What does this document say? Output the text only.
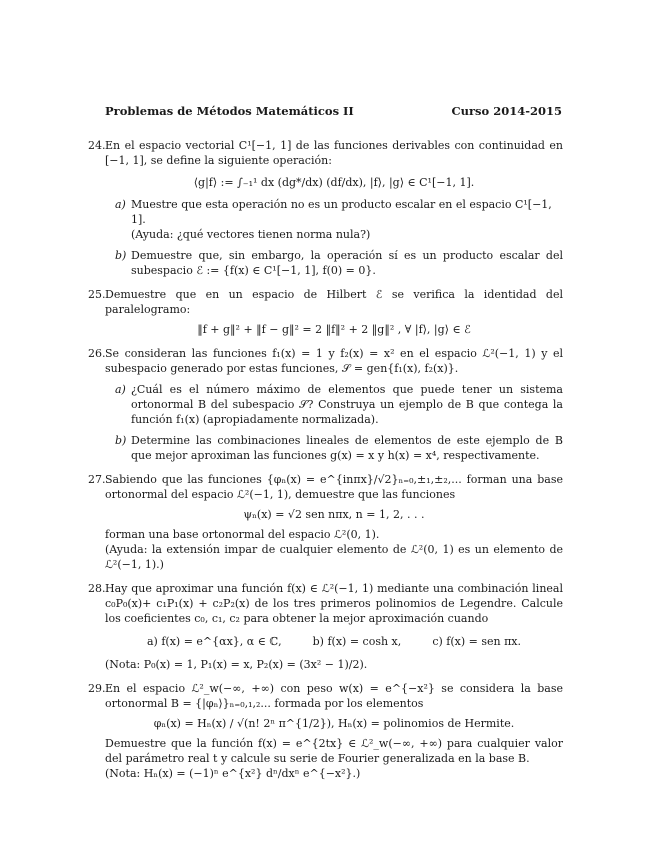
Problemas de Métodos Matemáticos II	Curso 2014-2015
24. En el espacio vectorial C¹[−1, 1] de las funciones derivables con continuidad en [−1, 1], se define la siguiente operación:
⟨g|f⟩ := ∫₋₁¹ dx (dg*/dx) (df/dx), |f⟩, |g⟩ ∈ C¹[−1, 1].
a) Muestre que esta operación no es un producto escalar en el espacio C¹[−1, 1].
(Ayuda: ¿qué vectores tienen norma nula?)
b) Demuestre que, sin embargo, la operación sí es un producto escalar del subespacio ℰ := {f(x) ∈ C¹[−1, 1], f(0) = 0}.
25. Demuestre que en un espacio de Hilbert ℰ se verifica la identidad del paralelogramo:
‖f + g‖² + ‖f − g‖² = 2 ‖f‖² + 2 ‖g‖² , ∀ |f⟩, |g⟩ ∈ ℰ
26. Se consideran las funciones f₁(x) = 1 y f₂(x) = x² en el espacio ℒ²(−1, 1) y el subespacio generado por estas funciones, 𝒮 = gen{f₁(x), f₂(x)}.
a) ¿Cuál es el número máximo de elementos que puede tener un sistema ortonormal B del subespacio 𝒮? Construya un ejemplo de B que contega la función f₁(x) (apropiadamente normalizada).
b) Determine las combinaciones lineales de elementos de este ejemplo de B que mejor aproximan las funciones g(x) = x y h(x) = x⁴, respectivamente.
27. Sabiendo que las funciones {φₙ(x) = e^{inπx}/√2}ₙ₌₀,±₁,±₂,... forman una base ortonormal del espacio ℒ²(−1, 1), demuestre que las funciones
ψₙ(x) = √2 sen nπx, n = 1, 2, . . .
forman una base ortonormal del espacio ℒ²(0, 1).
(Ayuda: la extensión impar de cualquier elemento de ℒ²(0, 1) es un elemento de ℒ²(−1, 1).)
28. Hay que aproximar una función f(x) ∈ ℒ²(−1, 1) mediante una combinación lineal c₀P₀(x)+ c₁P₁(x) + c₂P₂(x) de los tres primeros polinomios de Legendre. Calcule los coeficientes c₀, c₁, c₂ para obtener la mejor aproximación cuando
a) f(x) = e^{αx}, α ∈ ℂ,	b) f(x) = cosh x,	c) f(x) = sen πx.
(Nota: P₀(x) = 1, P₁(x) = x, P₂(x) = (3x² − 1)/2).
29. En el espacio ℒ²_w(−∞, +∞) con peso w(x) = e^{−x²} se considera la base ortonormal B = {|φₙ⟩}ₙ₌₀,₁,₂... formada por los elementos
φₙ(x) = Hₙ(x) / √(n! 2ⁿ π^{1/2}), Hₙ(x) = polinomios de Hermite.
Demuestre que la función f(x) = e^{2tx} ∈ ℒ²_w(−∞, +∞) para cualquier valor del parámetro real t y calcule su serie de Fourier generalizada en la base B.
(Nota: Hₙ(x) = (−1)ⁿ e^{x²} dⁿ/dxⁿ e^{−x²}.)
